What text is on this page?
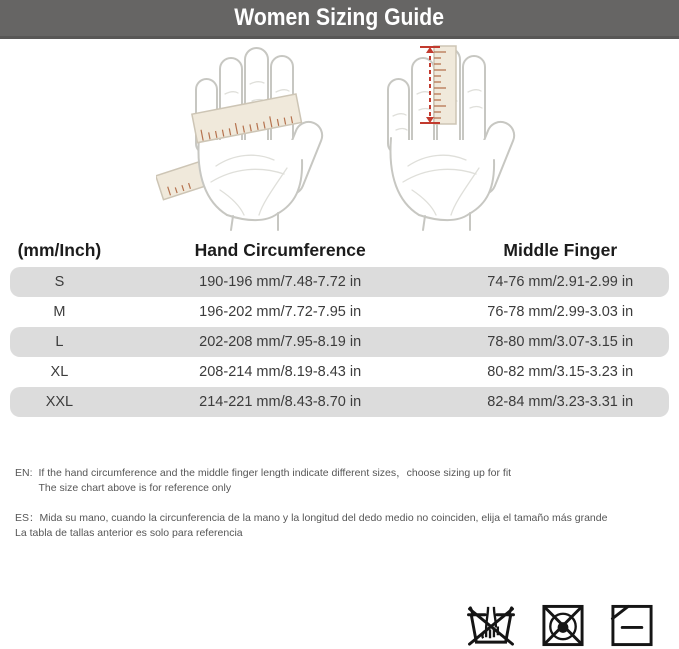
Women Sizing Guide
(mm/Inch)	Hand Circumference	Middle Finger
S	190-196 mm/7.48-7.72 in	74-76 mm/2.91-2.99 in
M	196-202 mm/7.72-7.95 in	76-78 mm/2.99-3.03 in
L	202-208 mm/7.95-8.19 in	78-80 mm/3.07-3.15 in
XL	208-214 mm/8.19-8.43 in	80-82 mm/3.15-3.23 in
XXL	214-221 mm/8.43-8.70 in	82-84 mm/3.23-3.31 in
EN: If the hand circumference and the middle finger length indicate different sizes，choose sizing up for fit
The size chart above is for reference only
ES：Mida su mano, cuando la circunferencia de la mano y la longitud del dedo medio no coinciden, elija el tamaño más grande
La tabla de tallas anterior es solo para referencia
